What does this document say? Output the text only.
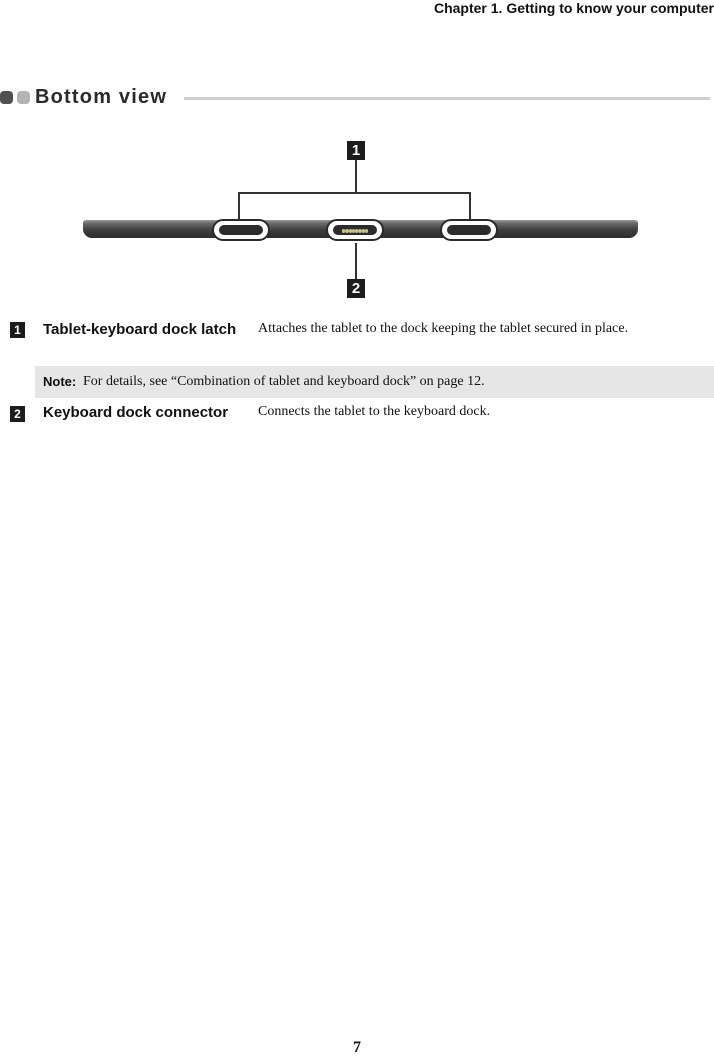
Chapter 1. Getting to know your computer
Bottom view
1
2
1 Tablet-keyboard dock latch	Attaches the tablet to the dock keeping the tablet secured in place.
Note: For details, see “Combination of tablet and keyboard dock” on page 12.
2 Keyboard dock connector	Connects the tablet to the keyboard dock.
7
